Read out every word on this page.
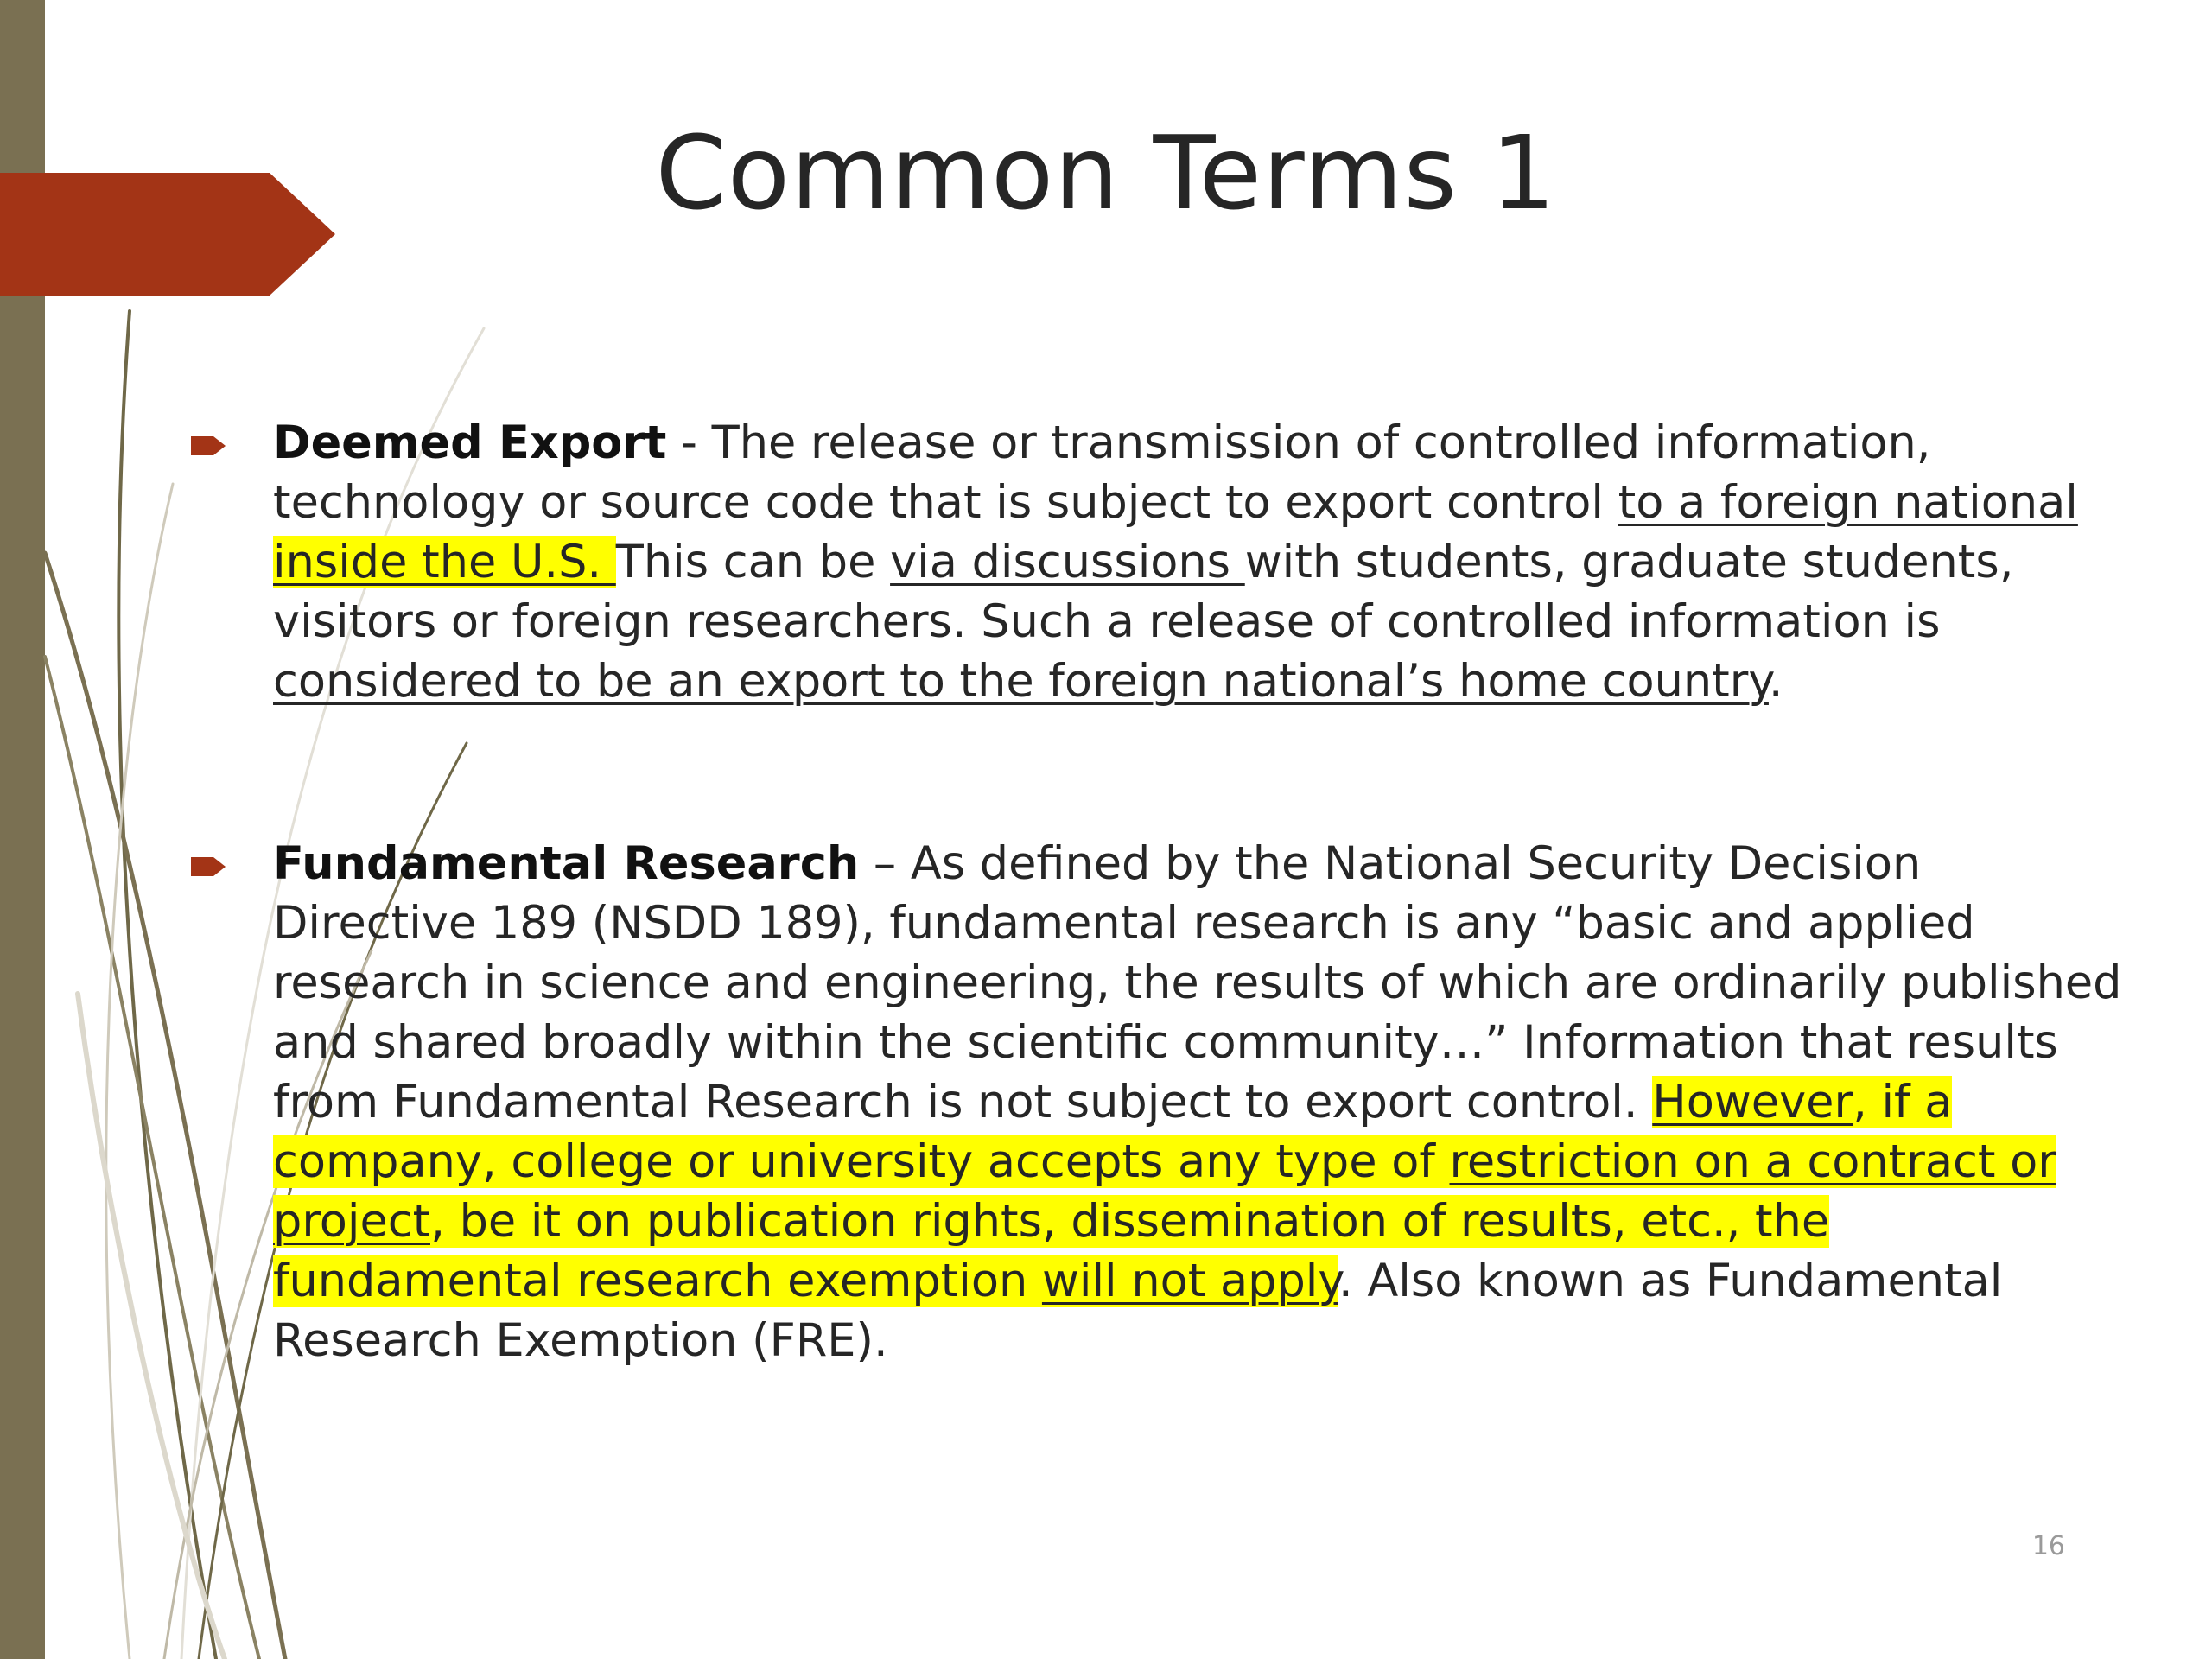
Common Terms 1
Deemed Export - The release or transmission of controlled information, technology or source code that is subject to export control to a foreign national inside the U.S. This can be via discussions with students, graduate students, visitors or foreign researchers. Such a release of controlled information is considered to be an export to the foreign national’s home country.
Fundamental Research – As defined by the National Security Decision Directive 189 (NSDD 189), fundamental research is any “basic and applied research in science and engineering, the results of which are ordinarily published and shared broadly within the scientific community…” Information that results from Fundamental Research is not subject to export control. However, if a company, college or university accepts any type of restriction on a contract or project, be it on publication rights, dissemination of results, etc., the fundamental research exemption will not apply. Also known as Fundamental Research Exemption (FRE).
16
